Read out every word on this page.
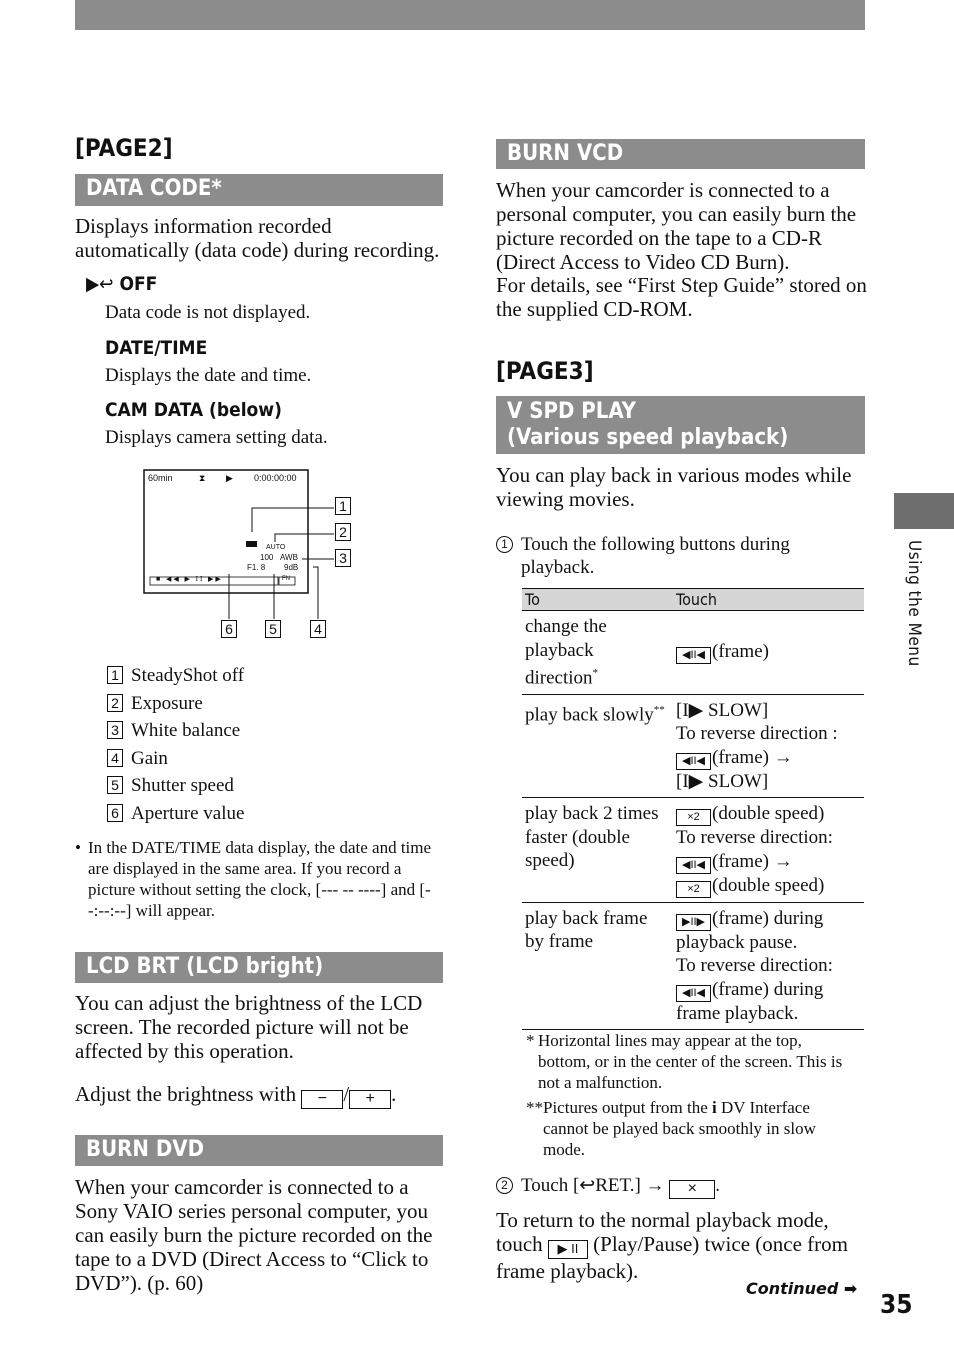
Using the Menu
[PAGE2]
DATA CODE*
Displays information recorded automatically (data code) during recording.
▶↩ OFF
Data code is not displayed.
DATE/TIME
Displays the date and time.
CAM DATA (below)
Displays camera setting data.
60min	⧗ ▶ 0:00:00:00
AUTO
100 AWB
F1. 8 9dB
■ ◀◀ ▶ II ▶▶	FN
1
2
3
4
5
6
1 SteadyShot off
2 Exposure
3 White balance
4 Gain
5 Shutter speed
6 Aperture value
• In the DATE/TIME data display, the date and time are displayed in the same area. If you record a picture without setting the clock, [--- -- ----] and [--:--:--] will appear.
LCD BRT (LCD bright)
You can adjust the brightness of the LCD screen. The recorded picture will not be affected by this operation.
Adjust the brightness with − / + .
BURN DVD
When your camcorder is connected to a Sony VAIO series personal computer, you can easily burn the picture recorded on the tape to a DVD (Direct Access to “Click to DVD”). (p. 60)
BURN VCD
When your camcorder is connected to a personal computer, you can easily burn the picture recorded on the tape to a CD-R (Direct Access to Video CD Burn).
For details, see “First Step Guide” stored on the supplied CD-ROM.
[PAGE3]
V SPD PLAY
(Various speed playback)
You can play back in various modes while viewing movies.
1 Touch the following buttons during playback.
To	Touch
change the playback direction*	◀II◀ (frame)
play back slowly**	[I▶ SLOW]
To reverse direction :
◀II◀ (frame) →
[I▶ SLOW]

play back 2 times faster (double speed)	×2 (double speed)
To reverse direction:
◀II◀ (frame) →
×2 (double speed)

play back frame by frame	▶II▶ (frame) during playback pause.
To reverse direction:
◀II◀ (frame) during frame playback.
* Horizontal lines may appear at the top, bottom, or in the center of the screen. This is not a malfunction.
** Pictures output from the i DV Interface cannot be played back smoothly in slow mode.
2 Touch [↩RET.] → × .
To return to the normal playback mode, touch ▶ II (Play/Pause) twice (once from frame playback).
Continued ➡
35
